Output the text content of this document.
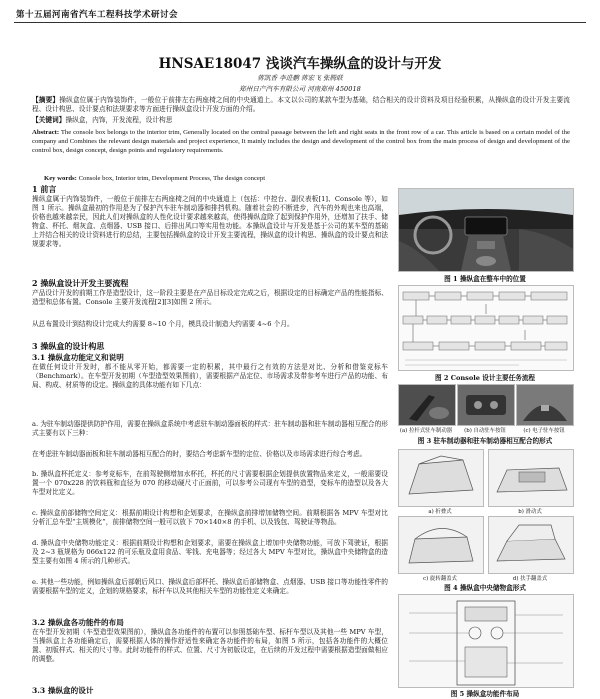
第十五届河南省汽车工程科技学术研讨会
HNSAE18047 浅谈汽车操纵盒的设计与开发
蒋凯香 李进鹏 蒋宏飞 张腾联
郑州日产汽车有限公司 河南郑州 450018
【摘要】操纵盒位属于内饰装饰件，一般位于前排左右两座椅之间的中央通道上。本文以公司的某款车型为基础，结合相关的设计资料及项目经验积累，从操纵盒的设计开发主要流程、设计构思、设计要点和法规要求等方面进行操纵盒设计开发方面的介绍。
【关键词】操纵盒，内饰，开发流程，设计构思
Abstract: The console box belongs to the interior trim, Generally located on the central passage between the left and right seats in the front row of a car. This article is based on a certain model of the company and Combines the relevant design materials and project experience, It mainly includes the design and development of the control box from the main process of design and development of the control box, design concept, design points and regulatory requirements.
Key words: Console box, Interior trim, Development Process, The design concept
1 前言
操纵盒属于内饰装饰件，一般位于前排左右两座椅之间的中央通道上（包括：中控台、副仪表板[1]、Console 等），如图 1 所示。操纵盒最初的作用是为了保护汽车驻车制动器和排挡机构。随着社会的不断进步，汽车的外观也来也高端，价格也越来越亲民，因此人们对操纵盒的人性化设计要求越来越高，使得操纵盒除了起到保护作用外，还增加了扶手、储物盒、杯托、烟灰盒、点烟器、USB 接口、后排出风口等实用性功能。本操纵盒设计与开发是基于公司的某车型的基础上并结合相关的设计资料进行的总结，主要包括操纵盒的设计开发主要流程，操纵盒的设计构思、操纵盒的设计要点和法规要求等。
2 操纵盒设计开发主要流程
产品设计开发的前期工作是造型设计，这一阶段主要是在产品目标设定完成之后，根据设定的目标确定产品的性能指标、造型和总体布置。Console 主要开发流程[2][3]如图 2 所示。
从总布置设计到结构设计完成大约需要 8~10 个月，模具设计制造大约需要 4~6 个月。
3 操纵盒的设计构思
3.1 操纵盒功能定义和说明
在做任何设计开发时，都不能从零开始，都需要一定的积累，其中最行之有效的方法是对比、分析和借鉴竞标车（Benchmark）。在车型开发初期（车型造型效果图前），需要根据产品定位、市场需求及带参考车进行产品的功能、布局、构成、材质等的设定。操纵盒的具体功能有如下几点：
a. 为驻车制动器提供防护作用，需要在操纵盒系统中考虑驻车制动器面板的样式：驻车制动器和驻车制动器相互配合的形式主要有以下三种：
在考虑驻车制动器面板和驻车制动器相互配合的时，要结合考虑新车型的定位、价格以及市场需求进行综合考虑。
b. 操纵盒杯托定义：参考竞标车，在前驾驶侧增加水杯托，杯托的尺寸需要根据企划提供放置物品来定义，一般需要设置一个 070x228 的饮料瓶和直径为 070 的移动硬尺寸正面前，可以参考公司现有车型的造型，变标车的造型以及各大车型对比定义。
c. 操纵盒前部储物空间定义：根据前期设计构想和企划要求，在操纵盒前排增加储物空间。前期根据各 MPV 车型对比分析汇总车型“主规模化”，前排储物空间一般可以放下 70×140×8 的手机、以及钱包、驾驶证等物品。
d. 操纵盒中央储物功能定义：根据前期设计构想和企划要求，需要在操纵盒上增加中央储物功能，可放下驾驶证，根据及 2~3 瓶规格为 066x122 的可乐瓶及盒用食品、零钱、充电器等；经过各大 MPV 车型对比，操纵盒中央储物盒的造型主要有如图 4 所示的几种形式。
e. 其他一些功能，例如操纵盒后部朝后风口、操纵盒后部杯托、操纵盒后部储物盒、点烟器、USB 接口等功能性零件的需要根据车型的定义，企划的规格要求，标杆车以及其他相关车型的功能性定义来确定。
3.2 操纵盒各功能件的布局
在车型开发初期（车型造型效果图前），操纵盒各功能件的布置可以参照基础车型、标杆车型以及其他一些 MPV 车型，当操纵盒上各功能确定后，需要根据人体的操作舒适性来确定各功能件的布局，如图 5 所示，包括各功能件的大概位置、初版样式、相关的尺寸等。此时功能件的样式、位置、尺寸为初版设定，在后续的开发过程中需要根据造型面做相应的调整。
3.3 操纵盒的设计
图 1 操纵盒在整车中的位置
图 2 Console 设计主要任务流程
(a) 拉杆式驻车制动器	(b) 自动驻车按钮	(c) 电子驻车按钮
图 3 驻车制动器和驻车制动器相互配合的形式
a) 折叠式	b) 滑动式
c) 旋转翻盖式	d) 扶手翻盖式
图 4 操纵盒中央储物盒形式
图 5 操纵盒功能件布局
